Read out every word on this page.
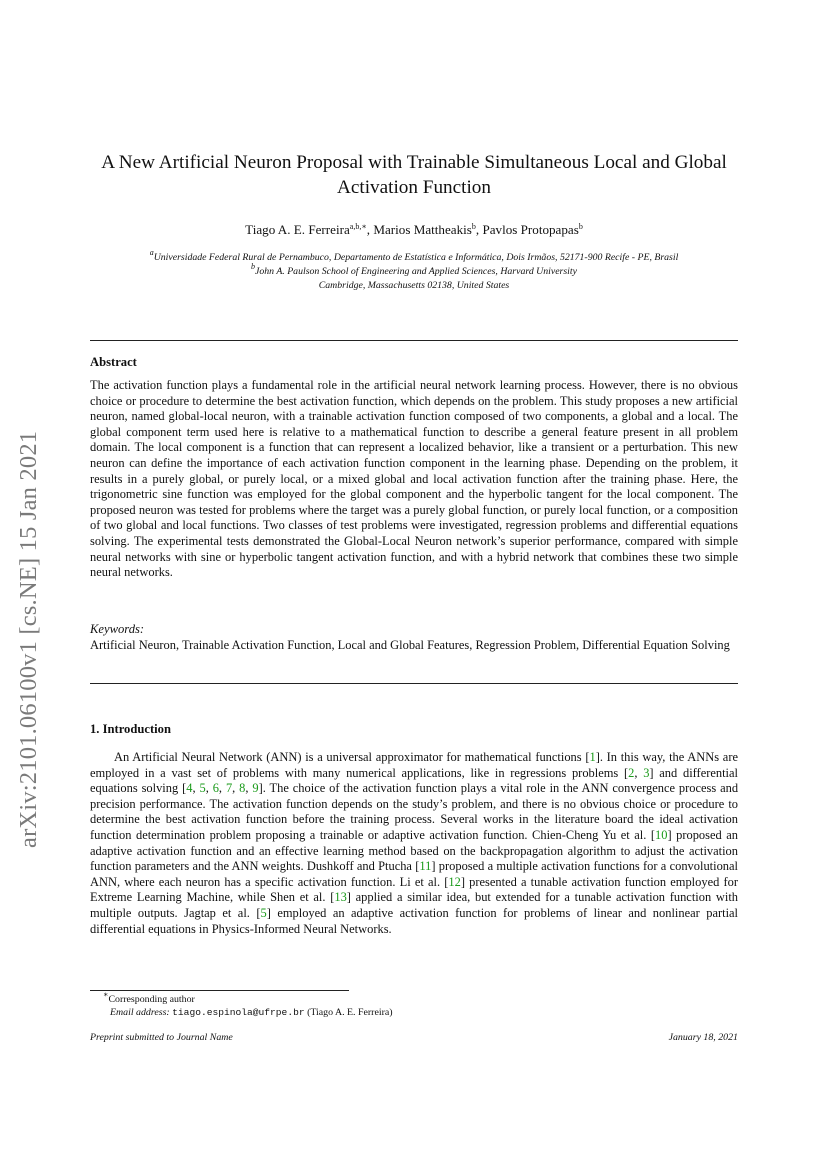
arXiv:2101.06100v1 [cs.NE] 15 Jan 2021
A New Artificial Neuron Proposal with Trainable Simultaneous Local and Global Activation Function
Tiago A. E. Ferreira$^{a,b,∗}$, Marios Mattheakis$^b$, Pavlos Protopapas$^b$
$^a$Universidade Federal Rural de Pernambuco, Departamento de Estatística e Informática, Dois Irmãos, 52171-900 Recife - PE, Brasil
$^b$John A. Paulson School of Engineering and Applied Sciences, Harvard University
Cambridge, Massachusetts 02138, United States
Abstract
The activation function plays a fundamental role in the artificial neural network learning process. However, there is no obvious choice or procedure to determine the best activation function, which depends on the problem. This study proposes a new artificial neuron, named global-local neuron, with a trainable activation function composed of two components, a global and a local. The global component term used here is relative to a mathematical function to describe a general feature present in all problem domain. The local component is a function that can represent a localized behavior, like a transient or a perturbation. This new neuron can define the importance of each activation function component in the learning phase. Depending on the problem, it results in a purely global, or purely local, or a mixed global and local activation function after the training phase. Here, the trigonometric sine function was employed for the global component and the hyperbolic tangent for the local component. The proposed neuron was tested for problems where the target was a purely global function, or purely local function, or a composition of two global and local functions. Two classes of test problems were investigated, regression problems and differential equations solving. The experimental tests demonstrated the Global-Local Neuron network’s superior performance, compared with simple neural networks with sine or hyperbolic tangent activation function, and with a hybrid network that combines these two simple neural networks.
Keywords:
Artificial Neuron, Trainable Activation Function, Local and Global Features, Regression Problem, Differential Equation Solving
1. Introduction
An Artificial Neural Network (ANN) is a universal approximator for mathematical functions [1]. In this way, the ANNs are employed in a vast set of problems with many numerical applications, like in regressions problems [2, 3] and differential equations solving [4, 5, 6, 7, 8, 9]. The choice of the activation function plays a vital role in the ANN convergence process and precision performance. The activation function depends on the study’s problem, and there is no obvious choice or procedure to determine the best activation function before the training process. Several works in the literature board the ideal activation function determination problem proposing a trainable or adaptive activation function. Chien-Cheng Yu et al. [10] proposed an adaptive activation function and an effective learning method based on the backpropagation algorithm to adjust the activation function parameters and the ANN weights. Dushkoff and Ptucha [11] proposed a multiple activation functions for a convolutional ANN, where each neuron has a specific activation function. Li et al. [12] presented a tunable activation function employed for Extreme Learning Machine, while Shen et al. [13] applied a similar idea, but extended for a tunable activation function with multiple outputs. Jagtap et al. [5] employed an adaptive activation function for problems of linear and nonlinear partial differential equations in Physics-Informed Neural Networks.
∗Corresponding author
Email address: tiago.espinola@ufrpe.br (Tiago A. E. Ferreira)
Preprint submitted to Journal Name	January 18, 2021
